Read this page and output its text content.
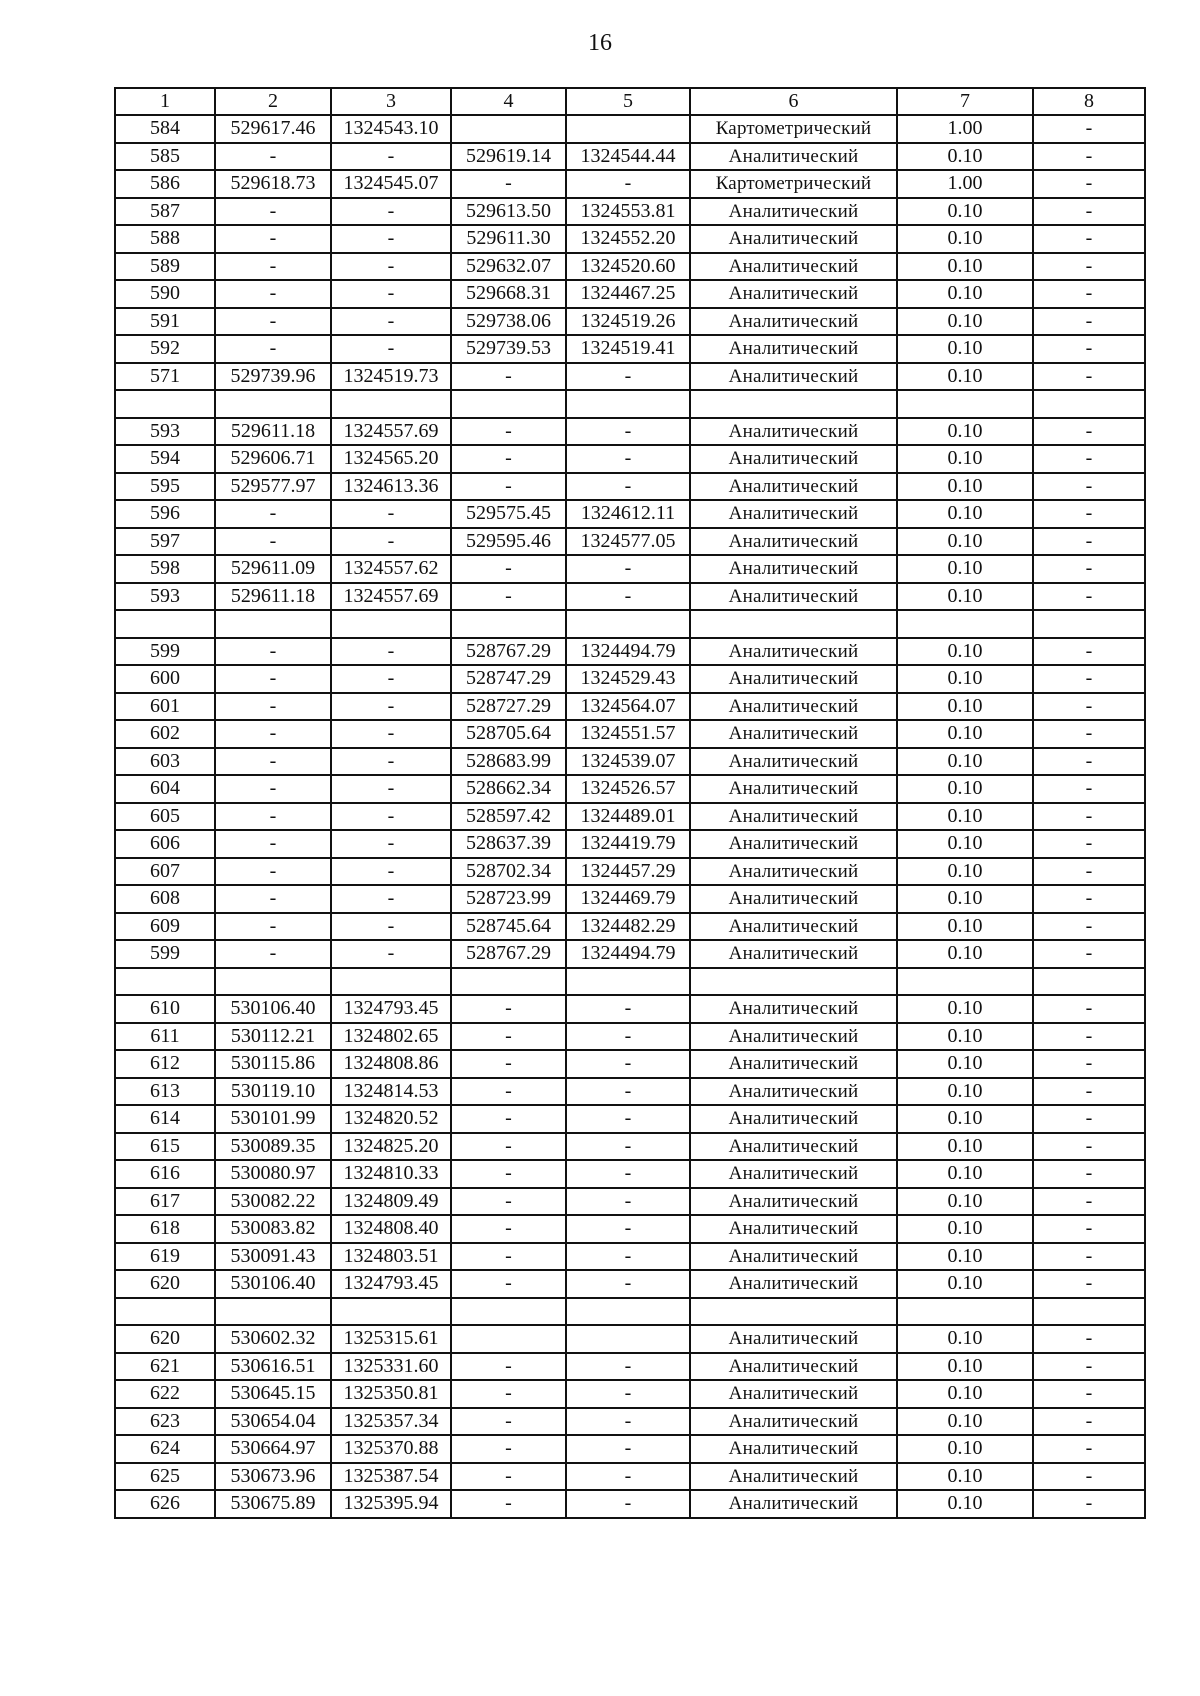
16
1	2	3	4	5	6	7	8
584	529617.46	1324543.10			Картометрический	1.00	-
585	-	-	529619.14	1324544.44	Аналитический	0.10	-
586	529618.73	1324545.07	-	-	Картометрический	1.00	-
587	-	-	529613.50	1324553.81	Аналитический	0.10	-
588	-	-	529611.30	1324552.20	Аналитический	0.10	-
589	-	-	529632.07	1324520.60	Аналитический	0.10	-
590	-	-	529668.31	1324467.25	Аналитический	0.10	-
591	-	-	529738.06	1324519.26	Аналитический	0.10	-
592	-	-	529739.53	1324519.41	Аналитический	0.10	-
571	529739.96	1324519.73	-	-	Аналитический	0.10	-

593	529611.18	1324557.69	-	-	Аналитический	0.10	-
594	529606.71	1324565.20	-	-	Аналитический	0.10	-
595	529577.97	1324613.36	-	-	Аналитический	0.10	-
596	-	-	529575.45	1324612.11	Аналитический	0.10	-
597	-	-	529595.46	1324577.05	Аналитический	0.10	-
598	529611.09	1324557.62	-	-	Аналитический	0.10	-
593	529611.18	1324557.69	-	-	Аналитический	0.10	-

599	-	-	528767.29	1324494.79	Аналитический	0.10	-
600	-	-	528747.29	1324529.43	Аналитический	0.10	-
601	-	-	528727.29	1324564.07	Аналитический	0.10	-
602	-	-	528705.64	1324551.57	Аналитический	0.10	-
603	-	-	528683.99	1324539.07	Аналитический	0.10	-
604	-	-	528662.34	1324526.57	Аналитический	0.10	-
605	-	-	528597.42	1324489.01	Аналитический	0.10	-
606	-	-	528637.39	1324419.79	Аналитический	0.10	-
607	-	-	528702.34	1324457.29	Аналитический	0.10	-
608	-	-	528723.99	1324469.79	Аналитический	0.10	-
609	-	-	528745.64	1324482.29	Аналитический	0.10	-
599	-	-	528767.29	1324494.79	Аналитический	0.10	-

610	530106.40	1324793.45	-	-	Аналитический	0.10	-
611	530112.21	1324802.65	-	-	Аналитический	0.10	-
612	530115.86	1324808.86	-	-	Аналитический	0.10	-
613	530119.10	1324814.53	-	-	Аналитический	0.10	-
614	530101.99	1324820.52	-	-	Аналитический	0.10	-
615	530089.35	1324825.20	-	-	Аналитический	0.10	-
616	530080.97	1324810.33	-	-	Аналитический	0.10	-
617	530082.22	1324809.49	-	-	Аналитический	0.10	-
618	530083.82	1324808.40	-	-	Аналитический	0.10	-
619	530091.43	1324803.51	-	-	Аналитический	0.10	-
620	530106.40	1324793.45	-	-	Аналитический	0.10	-

620	530602.32	1325315.61			Аналитический	0.10	-
621	530616.51	1325331.60	-	-	Аналитический	0.10	-
622	530645.15	1325350.81	-	-	Аналитический	0.10	-
623	530654.04	1325357.34	-	-	Аналитический	0.10	-
624	530664.97	1325370.88	-	-	Аналитический	0.10	-
625	530673.96	1325387.54	-	-	Аналитический	0.10	-
626	530675.89	1325395.94	-	-	Аналитический	0.10	-
